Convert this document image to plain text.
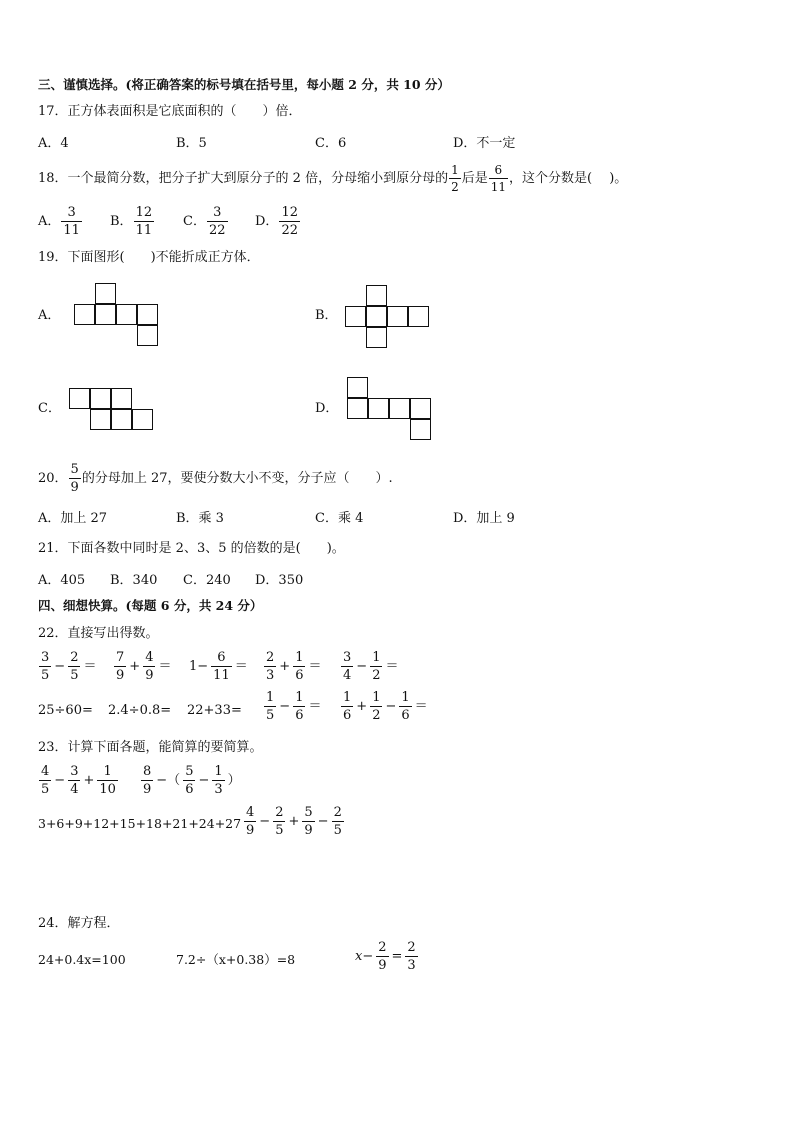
三、谨慎选择。(将正确答案的标号填在括号里，每小题 2 分，共 10 分）
17．正方体表面积是它底面积的（　　）倍．
A．4	B．5	C．6	D．不一定
18．一个最简分数，把分子扩大到原分子的 2 倍，分母缩小到原分母的 $\frac{1}{2}$ 后是 $\frac{6}{11}$ ，这个分数是(　 )。
A． $\frac{3}{11}$ B． $\frac{12}{11}$ C． $\frac{3}{22}$ D． $\frac{12}{22}$
19．下面图形(　　)不能折成正方体．
A．	B．
C．	D．
20． $\frac{5}{9}$ 的分母加上 27，要使分数大小不变，分子应（　　）.
A．加上 27	B．乘 3	C．乘 4	D．加上 9
21．下面各数中同时是 2、3、5 的倍数的是(　　)。
A．405 B．340 C．240 D．350
四、细想快算。(每题 6 分，共 24 分）
22．直接写出得数。
$\frac{3}{5} - \frac{2}{5} = \frac{7}{9} + \frac{4}{9} = 1- \frac{6}{11} = \frac{2}{3} + \frac{1}{6} = \frac{3}{4} - \frac{1}{2}$ ＝
$25\div 60= 2.4\div 0.8= 22+33= \frac{1}{5} - \frac{1}{6} = \frac{1}{6} + \frac{1}{2} - \frac{1}{6}$ ＝
23．计算下面各题，能简算的要简算。
$\frac{4}{5} - \frac{3}{4} + \frac{1}{10} \frac{8}{9}$ −（ $\frac{5}{6} - \frac{1}{3}$ ）
$3+6+9+12+15+18+21+24+27 \frac{4}{9} - \frac{2}{5} + \frac{5}{9} - \frac{2}{5}$
24．解方程．
24+0.4x=100	7.2÷（x+0.38）=8	$x- \frac{2}{9} = \frac{2}{3}$
